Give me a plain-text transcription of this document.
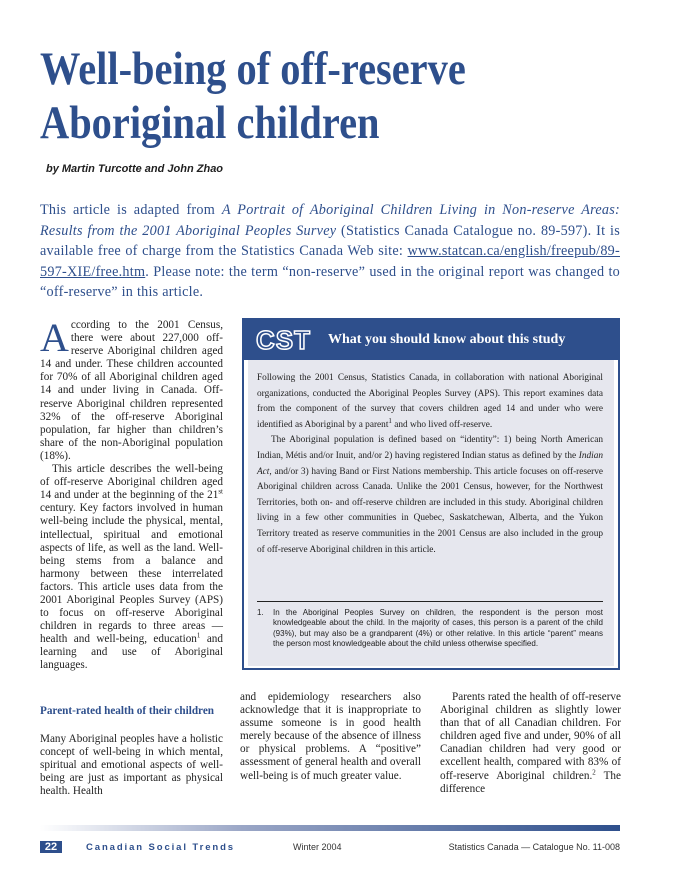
Well-being of off-reserve
Aboriginal children
by Martin Turcotte and John Zhao
This article is adapted from A Portrait of Aboriginal Children Living in Non-reserve Areas: Results from the 2001 Aboriginal Peoples Survey (Statistics Canada Catalogue no. 89-597). It is available free of charge from the Statistics Canada Web site: www.statcan.ca/english/freepub/89-597-XIE/free.htm. Please note: the term “non-reserve” used in the original report was changed to “off-reserve” in this article.

According to the 2001 Census, there were about 227,000 off-reserve Aboriginal children aged 14 and under. These children accounted for 70% of all Aboriginal children aged 14 and under living in Canada. Off-reserve Aboriginal children represented 32% of the off-reserve Aboriginal population, far higher than children’s share of the non-Aboriginal population (18%).

This article describes the well-being of off-reserve Aboriginal children aged 14 and under at the beginning of the 21st century. Key factors involved in human well-being include the physical, mental, intellectual, spiritual and emotional aspects of life, as well as the land. Well-being stems from a balance and harmony between these interrelated factors. This article uses data from the 2001 Aboriginal Peoples Survey (APS) to focus on off-reserve Aboriginal children in regards to three areas — health and well-being, education$^1$ and learning and use of Aboriginal languages.

Parent-rated health of their children

Many Aboriginal peoples have a holistic concept of well-being in which mental, spiritual and emotional aspects of well-being are just as important as physical health. Health

and epidemiology researchers also acknowledge that it is inappropriate to assume someone is in good health merely because of the absence of illness or physical problems. A “positive” assessment of general health and overall well-being is of much greater value.

Parents rated the health of off-reserve Aboriginal children as slightly lower than that of all Canadian children. For children aged five and under, 90% of all Canadian children had very good or excellent health, compared with 83% of off-reserve Aboriginal children.$^2$ The difference

CST What you should know about this study

Following the 2001 Census, Statistics Canada, in collaboration with national Aboriginal organizations, conducted the Aboriginal Peoples Survey (APS). This report examines data from the component of the survey that covers children aged 14 and under who were identified as Aboriginal by a parent$^1$ and who lived off-reserve.

The Aboriginal population is defined based on “identity”: 1) being North American Indian, Métis and/or Inuit, and/or 2) having registered Indian status as defined by the Indian Act, and/or 3) having Band or First Nations membership. This article focuses on off-reserve Aboriginal children across Canada. Unlike the 2001 Census, however, for the Northwest Territories, both on- and off-reserve children are included in this study. Aboriginal children living in a few other communities in Quebec, Saskatchewan, Alberta, and the Yukon Territory treated as reserve communities in the 2001 Census are also included in the group of off-reserve Aboriginal children in this article.

1. In the Aboriginal Peoples Survey on children, the respondent is the person most knowledgeable about the child. In the majority of cases, this person is a parent of the child (93%), but may also be a grandparent (4%) or other relative. In this article “parent” means the person most knowledgeable about the child unless otherwise specified.
22	Canadian Social Trends	Winter 2004	Statistics Canada — Catalogue No. 11-008
